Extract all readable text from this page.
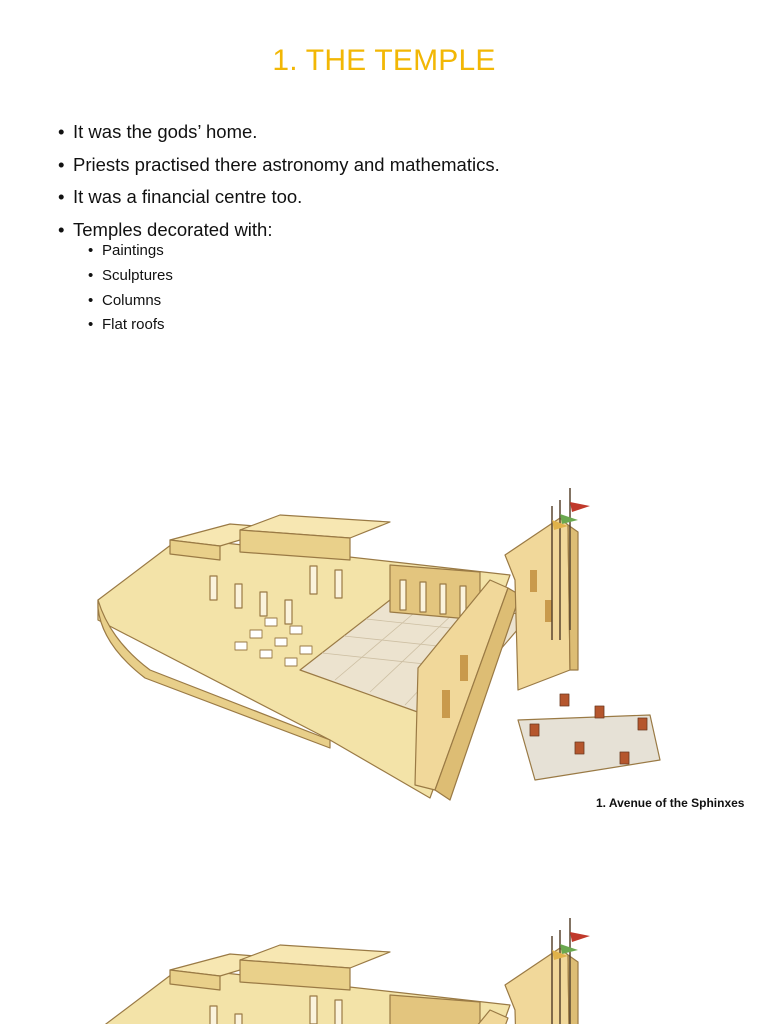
1. THE TEMPLE
• It was the gods’ home.
• Priests practised there astronomy and mathematics.
• It was a financial centre too.
• Temples decorated with:
• Paintings
• Sculptures
• Columns
• Flat roofs
1. Avenue of the Sphinxes
